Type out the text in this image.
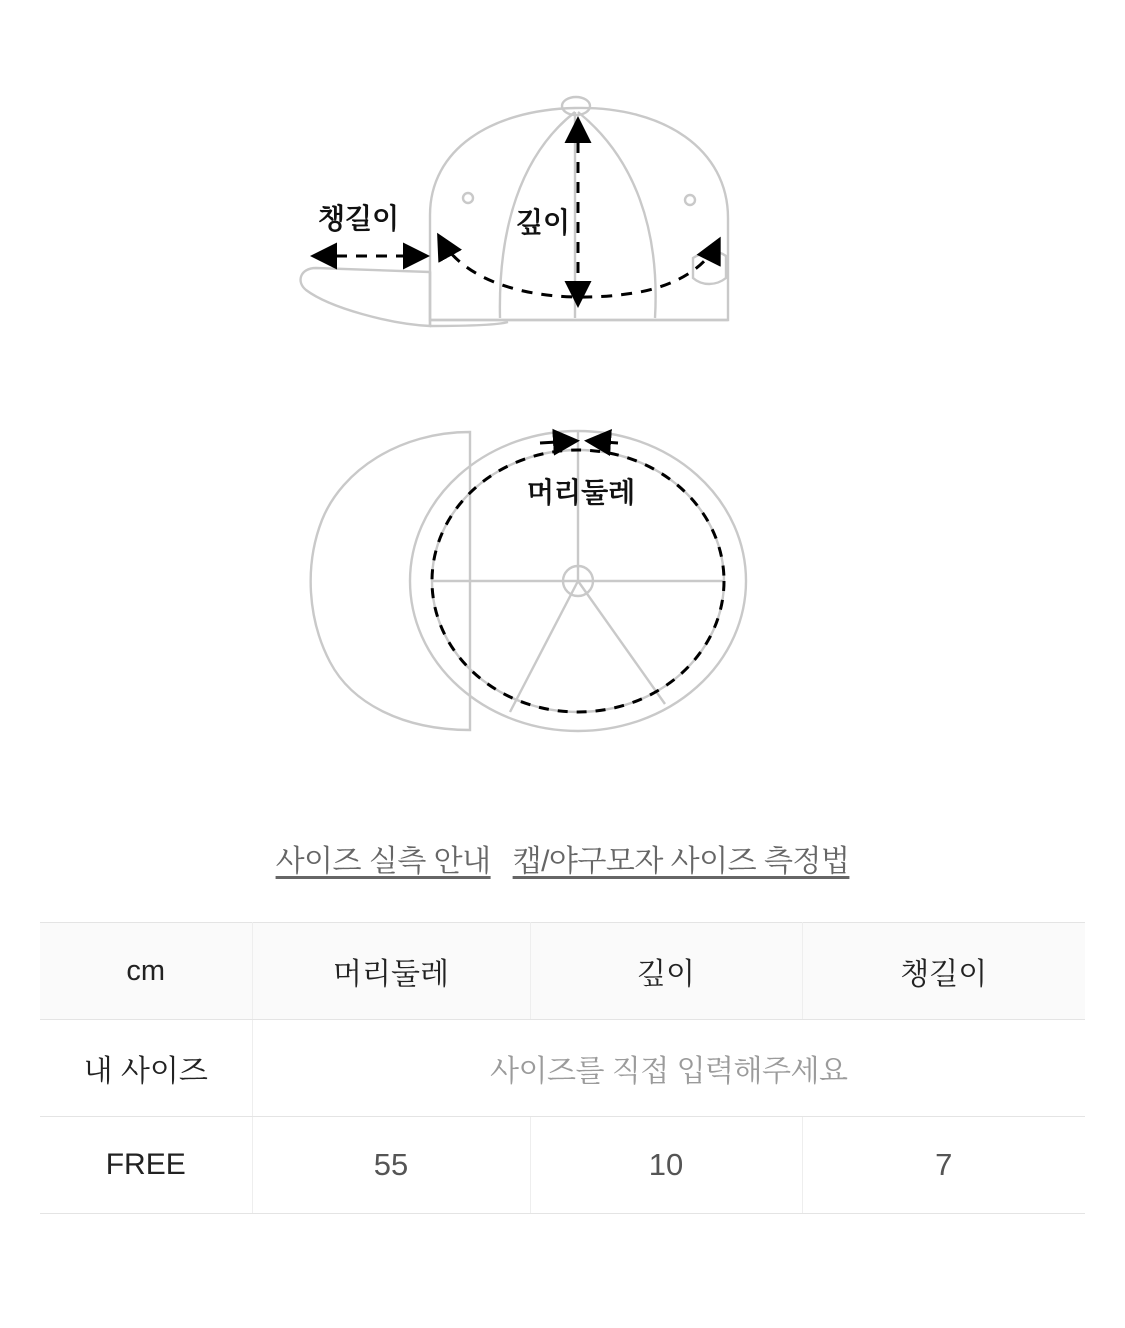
챙길이	깊이
머리둘레
사이즈 실측 안내 캡/야구모자 사이즈 측정법
cm	머리둘레	깊이	챙길이
내 사이즈	사이즈를 직접 입력해주세요		

FREE	55	10	7
